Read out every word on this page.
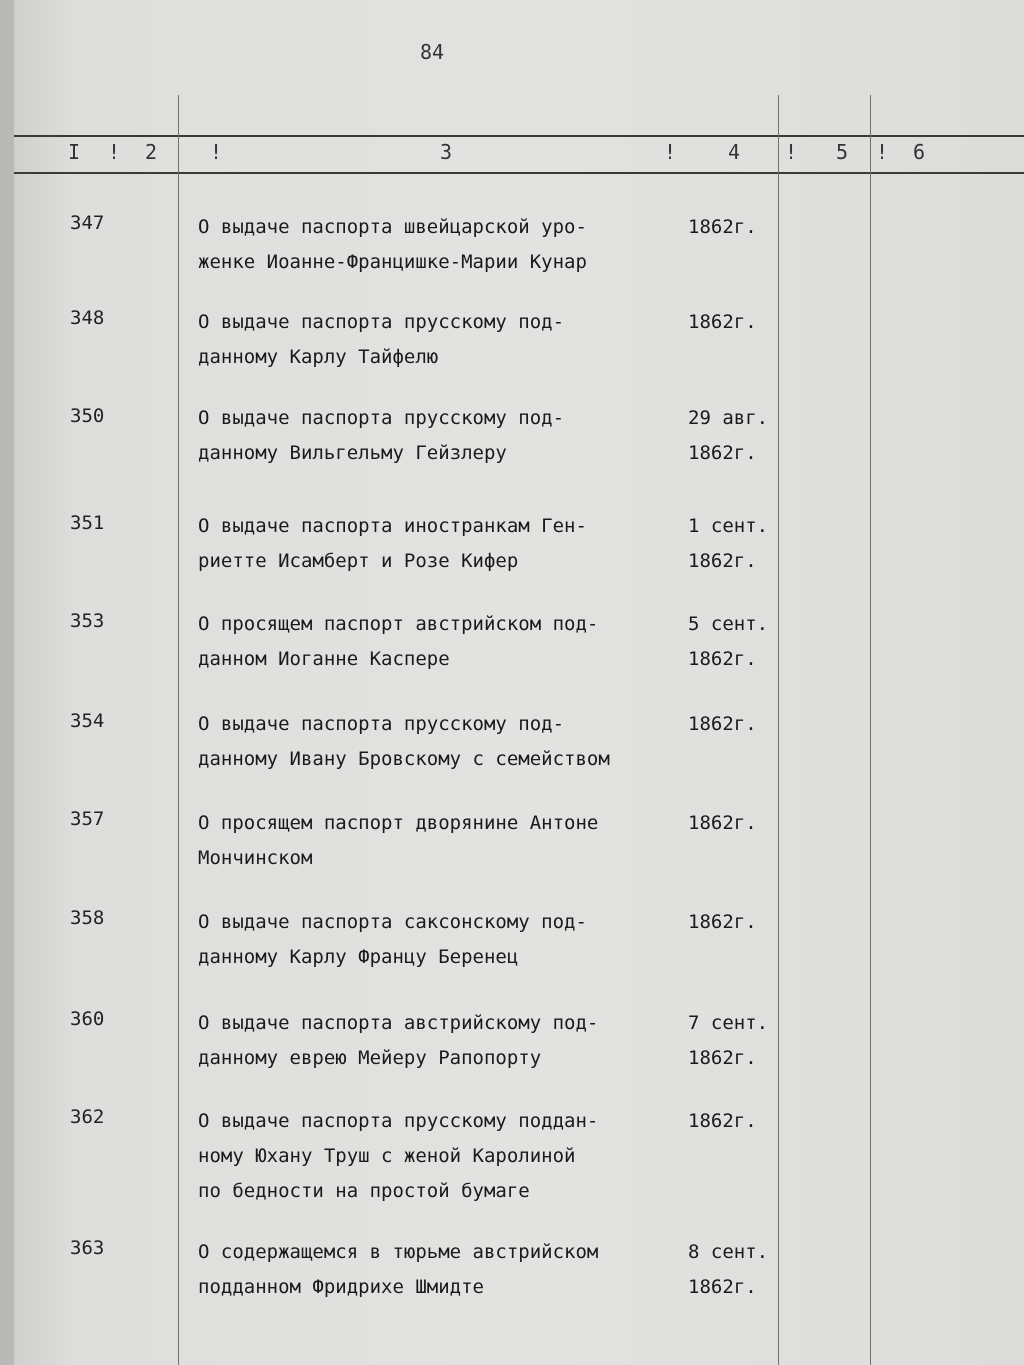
84
I ! 2	!	3	!	4 ! 5 ! 6
347	О выдаче паспорта швейцарской уро-
женке Иоанне-Францишке-Марии Кунар
1862г.
348	О выдаче паспорта прусскому под-
данному Карлу Тайфелю
1862г.
350	О выдаче паспорта прусскому под-
данному Вильгельму Гейзлеру
29 авг.
1862г.
351	О выдаче паспорта иностранкам Ген-
риетте Исамберт и Розе Кифер
1 сент.
1862г.
353	О просящем паспорт австрийском под-
данном Иоганне Каспере
5 сент.
1862г.
354	О выдаче паспорта прусскому под-
данному Ивану Бровскому с семейством
1862г.
357	О просящем паспорт дворянине Антоне
Мончинском
1862г.
358	О выдаче паспорта саксонскому под-
данному Карлу Францу Беренец
1862г.
360	О выдаче паспорта австрийскому под-
данному еврею Мейеру Рапопорту
7 сент.
1862г.
362	О выдаче паспорта прусскому поддан-
ному Юхану Труш с женой Каролиной
по бедности на простой бумаге
1862г.
363	О содержащемся в тюрьме австрийском
подданном Фридрихе Шмидте
8 сент.
1862г.
